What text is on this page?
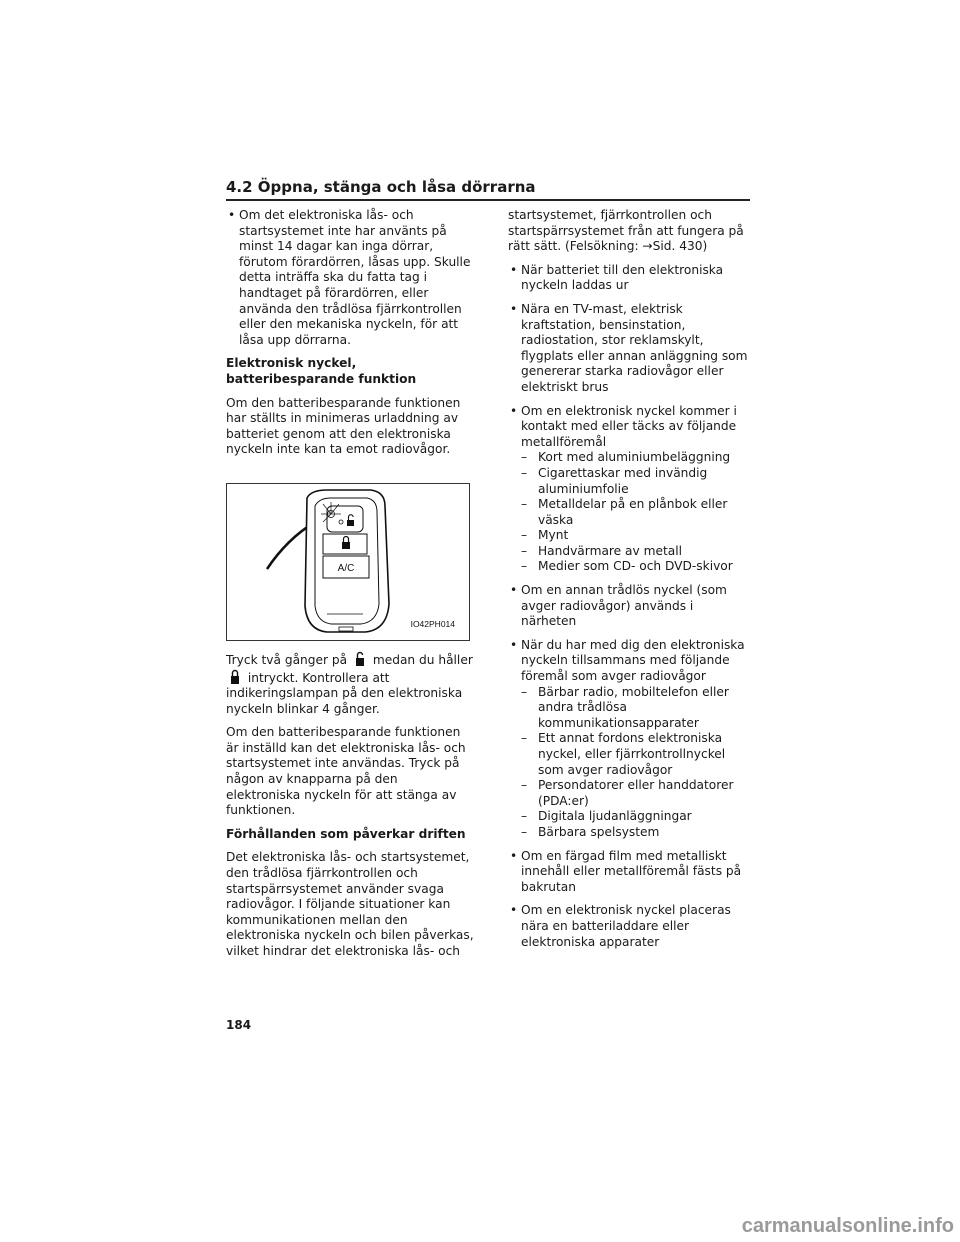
4.2 Öppna, stänga och låsa dörrarna
• Om det elektroniska lås- och startsystemet inte har använts på minst 14 dagar kan inga dörrar, förutom förardörren, låsas upp. Skulle detta inträffa ska du fatta tag i handtaget på förardörren, eller använda den trådlösa fjärrkontrollen eller den mekaniska nyckeln, för att låsa upp dörrarna.
Elektronisk nyckel, batteribesparande funktion

Om den batteribesparande funktionen har ställts in minimeras urladdning av batteriet genom att den elektroniska nyckeln inte kan ta emot radiovågor.

A/C
IO42PH014

Tryck två gånger på medan du håller  intryckt. Kontrollera att indikeringslampan på den elektroniska nyckeln blinkar 4 gånger.

Om den batteribesparande funktionen är inställd kan det elektroniska lås- och startsystemet inte användas. Tryck på någon av knapparna på den elektroniska nyckeln för att stänga av funktionen.

Förhållanden som påverkar driften

Det elektroniska lås- och startsystemet, den trådlösa fjärrkontrollen och startspärrsystemet använder svaga radiovågor. I följande situationer kan kommunikationen mellan den elektroniska nyckeln och bilen påverkas, vilket hindrar det elektroniska lås- och

startsystemet, fjärrkontrollen och startspärrsystemet från att fungera på rätt sätt. (Felsökning: →Sid. 430)

• När batteriet till den elektroniska nyckeln laddas ur
• Nära en TV-mast, elektrisk kraftstation, bensinstation, radiostation, stor reklamskylt, flygplats eller annan anläggning som genererar starka radiovågor eller elektriskt brus
• Om en elektronisk nyckel kommer i kontakt med eller täcks av följande metallföremål
– Kort med aluminiumbeläggning
– Cigarettaskar med invändig aluminiumfolie
– Metalldelar på en plånbok eller väska
– Mynt
– Handvärmare av metall
– Medier som CD- och DVD-skivor
• Om en annan trådlös nyckel (som avger radiovågor) används i närheten
• När du har med dig den elektroniska nyckeln tillsammans med följande föremål som avger radiovågor
– Bärbar radio, mobiltelefon eller andra trådlösa kommunikationsapparater
– Ett annat fordons elektroniska nyckel, eller fjärrkontrollnyckel som avger radiovågor
– Persondatorer eller handdatorer (PDA:er)
– Digitala ljudanläggningar
– Bärbara spelsystem
• Om en färgad film med metalliskt innehåll eller metallföremål fästs på bakrutan
• Om en elektronisk nyckel placeras nära en batteriladdare eller elektroniska apparater
184
carmanualsonline.info
